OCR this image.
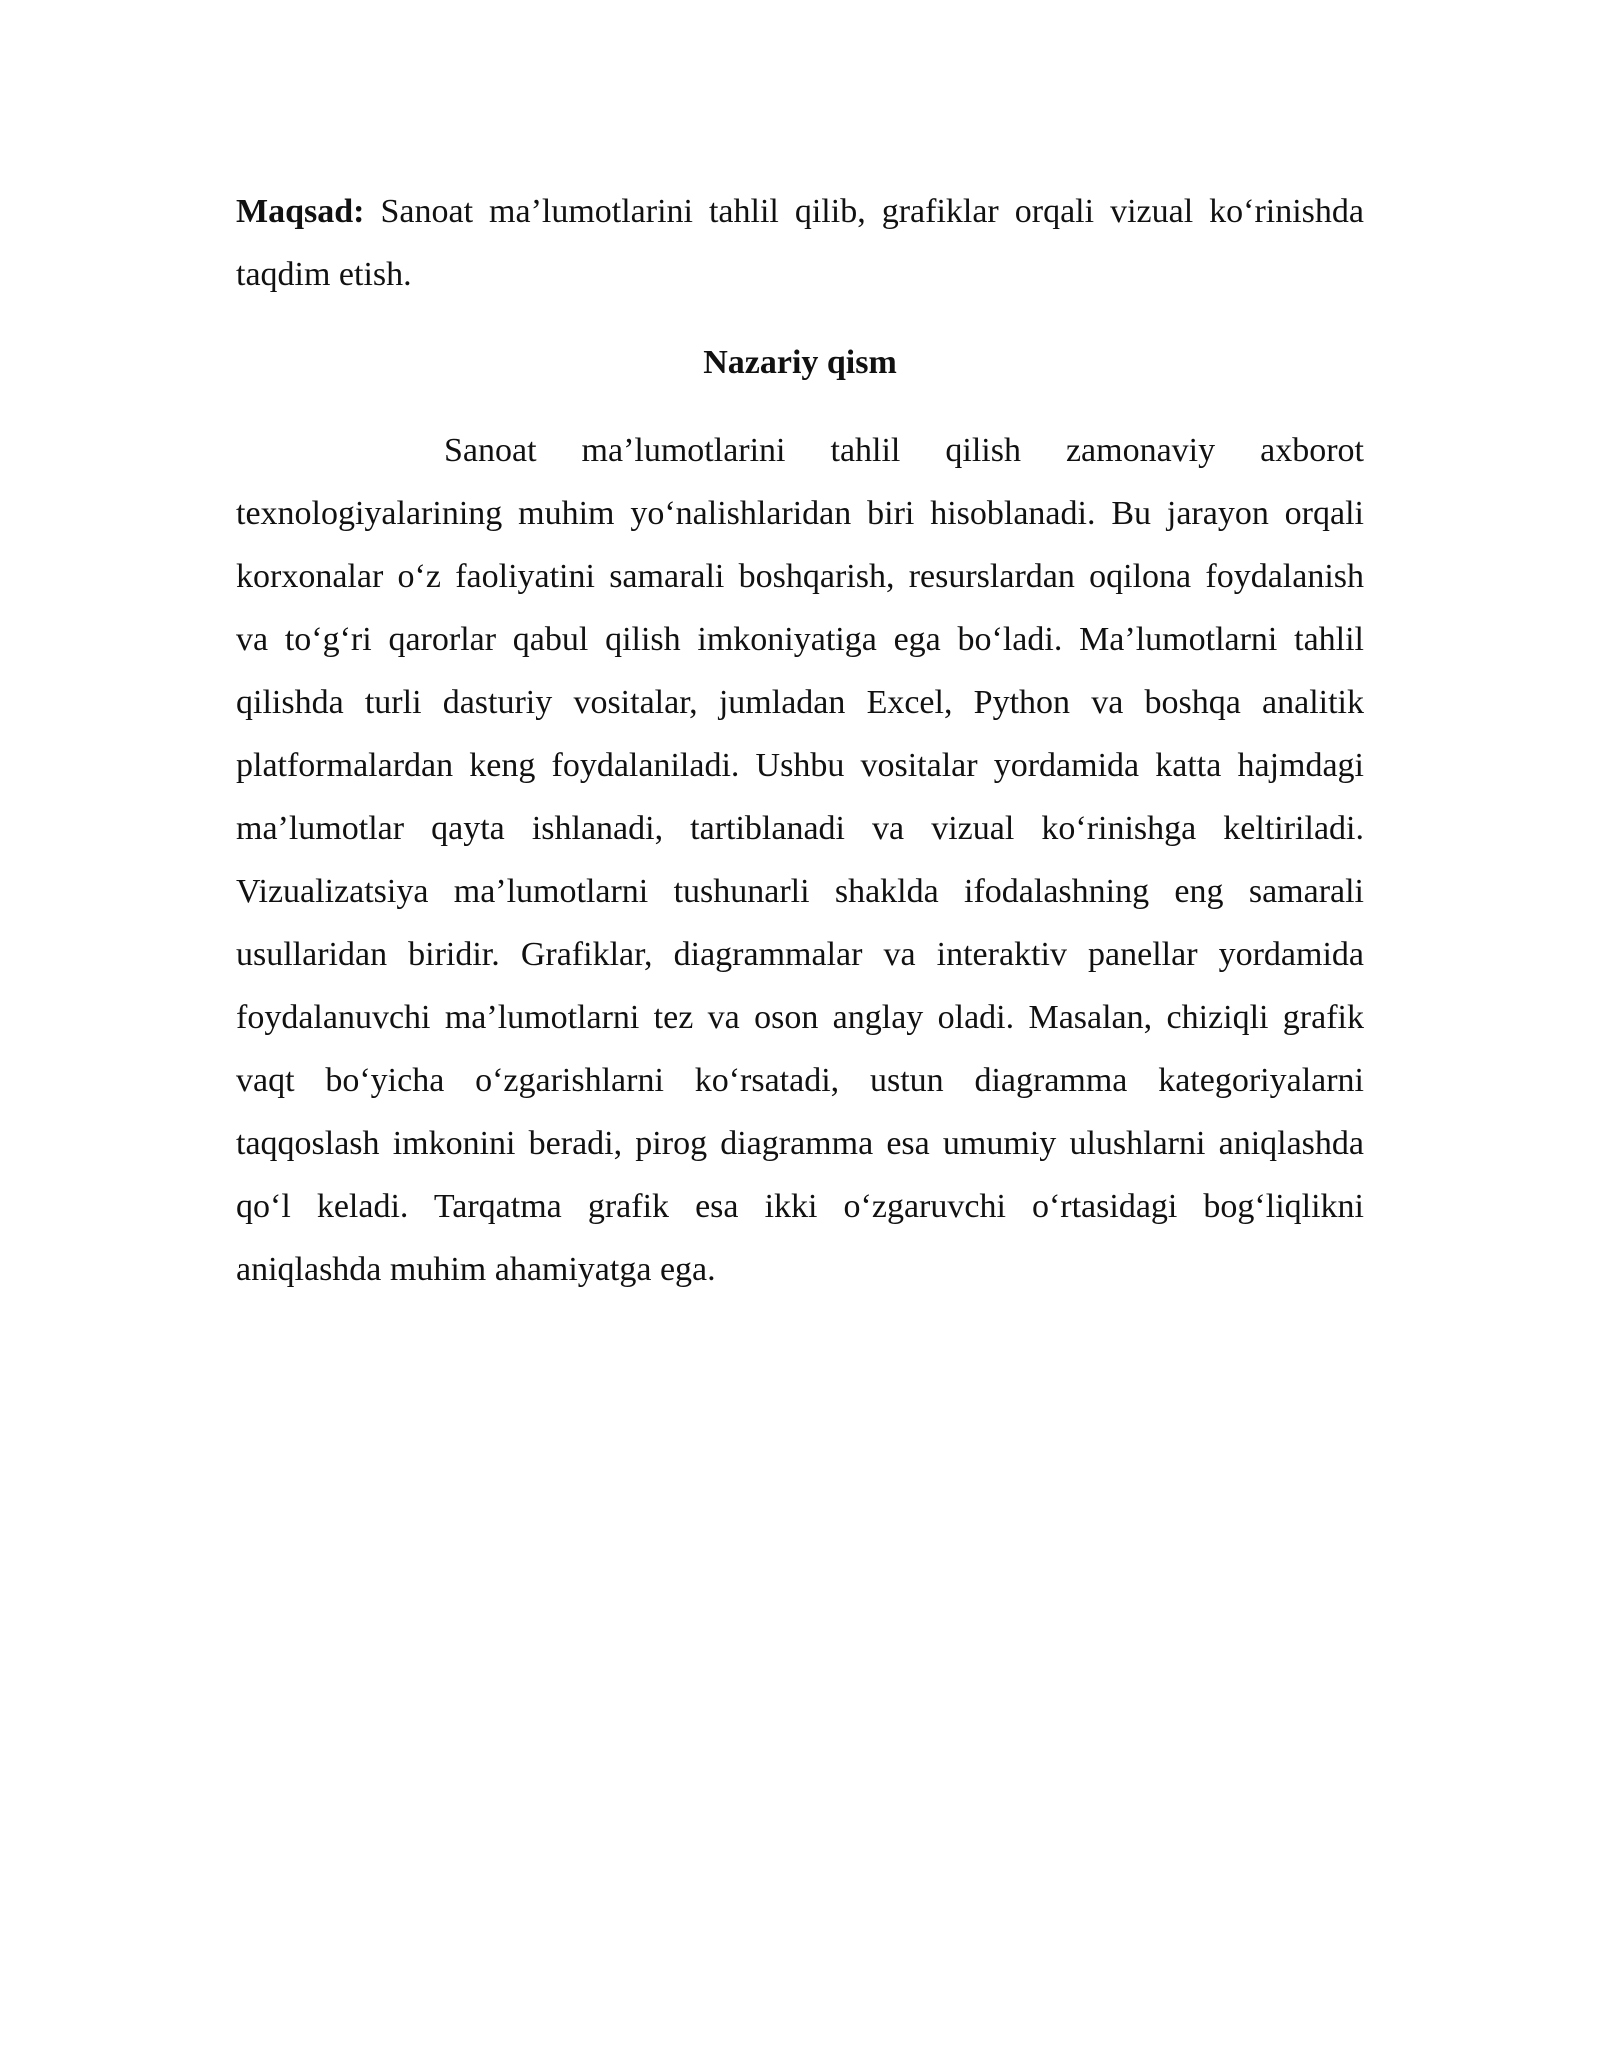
Maqsad: Sanoat ma’lumotlarini tahlil qilib, grafiklar orqali vizual ko‘rinishda taqdim etish.

Nazariy qism

Sanoat ma’lumotlarini tahlil qilish zamonaviy axborot texnologiyalarining muhim yo‘nalishlaridan biri hisoblanadi. Bu jarayon orqali korxonalar o‘z faoliyatini samarali boshqarish, resurslardan oqilona foydalanish va to‘g‘ri qarorlar qabul qilish imkoniyatiga ega bo‘ladi. Ma’lumotlarni tahlil qilishda turli dasturiy vositalar, jumladan Excel, Python va boshqa analitik platformalardan keng foydalaniladi. Ushbu vositalar yordamida katta hajmdagi ma’lumotlar qayta ishlanadi, tartiblanadi va vizual ko‘rinishga keltiriladi. Vizualizatsiya ma’lumotlarni tushunarli shaklda ifodalashning eng samarali usullaridan biridir. Grafiklar, diagrammalar va interaktiv panellar yordamida foydalanuvchi ma’lumotlarni tez va oson anglay oladi. Masalan, chiziqli grafik vaqt bo‘yicha o‘zgarishlarni ko‘rsatadi, ustun diagramma kategoriyalarni taqqoslash imkonini beradi, pirog diagramma esa umumiy ulushlarni aniqlashda qo‘l keladi. Tarqatma grafik esa ikki o‘zgaruvchi o‘rtasidagi bog‘liqlikni aniqlashda muhim ahamiyatga ega.
